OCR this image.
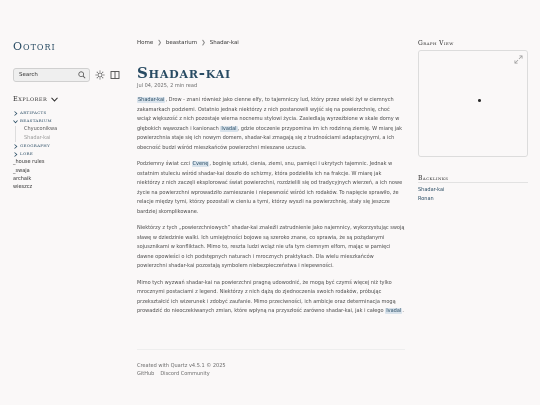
Ootori
Search
Explorer
artifacts
beastarium
Chyuconikwa
Shadar-kai
geography
lore
_house rules
_swaja
archaik
wieszcz
Home ❯ beastarium ❯ Shadar-kai
Shadar-kai
Jul 04, 2025, 2 min read

Shadar-kai, Drow - znani również jako cienne elfy, to tajemniczy lud, który przez wieki żył w ciemnych zakamarkach podziemi. Ostatnio jednak niektórzy z nich postanowili wyjść się na powierzchnię, choć wciąż większość z nich pozostaje wierna nocnemu stylowi życia. Zasiedlają wyrzeźbione w skale domy w głębokich wąwozach i kanionach Ivadal, gdzie otoczenie przypomina im ich rodzinną ziemię. W miarę jak powierzchnia staje się ich nowym domem, shadar-kai zmagają się z trudnościami adaptacyjnymi, a ich obecność budzi wśród mieszkańców powierzchni mieszane uczucia.

Podziemny świat czci Cvenę, boginię sztuki, cienia, ziemi, snu, pamięci i ukrytych tajemnic. Jednak w ostatnim stuleciu wśród shadar-kai doszło do schizmy, która podzieliła ich na frakcje. W miarę jak niektórzy z nich zaczęli eksplorować świat powierzchni, rozdzielili się od tradycyjnych wierzeń, a ich nowe życie na powierzchni wprowadziło zamieszanie i niepewność wśród ich rodaków. To napięcie sprawiło, że relacje między tymi, którzy pozostali w cieniu a tymi, którzy wyszli na powierzchnię, stały się jeszcze bardziej skomplikowane.

Niektórzy z tych „powierzchniowych” shadar-kai znaleźli zatrudnienie jako najemnicy, wykorzystując swoją sławę w dziedzinie walki. Ich umiejętności bojowe są szeroko znane, co sprawia, że są pożądanymi sojusznikami w konfliktach. Mimo to, reszta ludzi wciąż nie ufa tym ciemnym elfom, mając w pamięci dawne opowieści o ich podstępnych naturach i mrocznych praktykach. Dla wielu mieszkańców powierzchni shadar-kai pozostają symbolem niebezpieczeństwa i niepewności.

Mimo tych wyzwań shadar-kai na powierzchni pragną udowodnić, że mogą być czymś więcej niż tylko mrocznymi postaciami z legend. Niektórzy z nich dążą do zjednoczenia swoich rodaków, próbując przekształcić ich wizerunek i zdobyć zaufanie. Mimo przeciwności, ich ambicje oraz determinacja mogą prowadzić do nieoczekiwanych zmian, które wpłyną na przyszłość zarówno shadar-kai, jak i całego Ivadal.

Created with Quartz v4.5.1 © 2025
GitHub Discord Community
Graph View
Backlinks
Shadar-kai
Ronan
